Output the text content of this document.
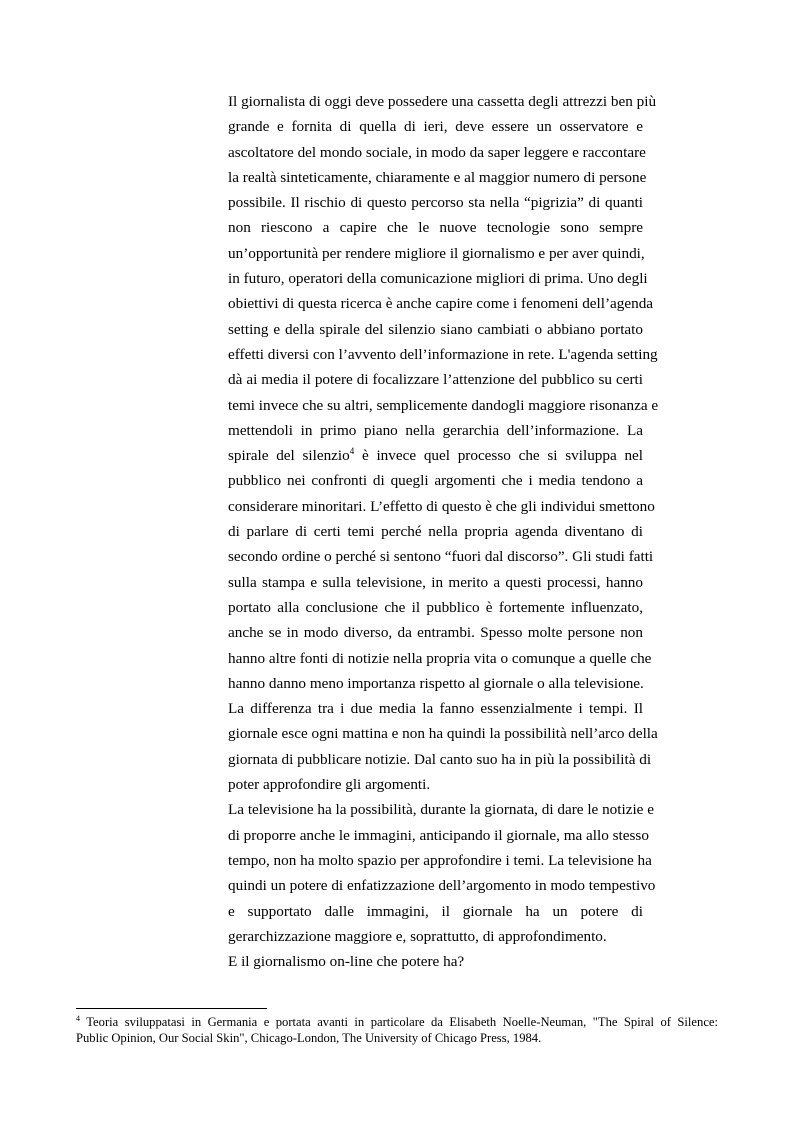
Il giornalista di oggi deve possedere una cassetta degli attrezzi ben più
grande e fornita di quella di ieri, deve essere un osservatore e
ascoltatore del mondo sociale, in modo da saper leggere e raccontare
la realtà sinteticamente, chiaramente e al maggior numero di persone
possibile. Il rischio di questo percorso sta nella “pigrizia” di quanti
non riescono a capire che le nuove tecnologie sono sempre
un’opportunità per rendere migliore il giornalismo e per aver quindi,
in futuro, operatori della comunicazione migliori di prima. Uno degli
obiettivi di questa ricerca è anche capire come i fenomeni dell’agenda
setting e della spirale del silenzio siano cambiati o abbiano portato
effetti diversi con l’avvento dell’informazione in rete. L'agenda setting
dà ai media il potere di focalizzare l’attenzione del pubblico su certi
temi invece che su altri, semplicemente dandogli maggiore risonanza e
mettendoli in primo piano nella gerarchia dell’informazione. La
spirale del silenzio$^4$ è invece quel processo che si sviluppa nel
pubblico nei confronti di quegli argomenti che i media tendono a
considerare minoritari. L’effetto di questo è che gli individui smettono
di parlare di certi temi perché nella propria agenda diventano di
secondo ordine o perché si sentono “fuori dal discorso”. Gli studi fatti
sulla stampa e sulla televisione, in merito a questi processi, hanno
portato alla conclusione che il pubblico è fortemente influenzato,
anche se in modo diverso, da entrambi. Spesso molte persone non
hanno altre fonti di notizie nella propria vita o comunque a quelle che
hanno danno meno importanza rispetto al giornale o alla televisione.
La differenza tra i due media la fanno essenzialmente i tempi. Il
giornale esce ogni mattina e non ha quindi la possibilità nell’arco della
giornata di pubblicare notizie. Dal canto suo ha in più la possibilità di
poter approfondire gli argomenti.
La televisione ha la possibilità, durante la giornata, di dare le notizie e
di proporre anche le immagini, anticipando il giornale, ma allo stesso
tempo, non ha molto spazio per approfondire i temi. La televisione ha
quindi un potere di enfatizzazione dell’argomento in modo tempestivo
e supportato dalle immagini, il giornale ha un potere di
gerarchizzazione maggiore e, soprattutto, di approfondimento.
E il giornalismo on-line che potere ha?
$^4$ Teoria sviluppatasi in Germania e portata avanti in particolare da Elisabeth Noelle-Neuman, "The Spiral of Silence:
Public Opinion, Our Social Skin", Chicago-London, The University of Chicago Press, 1984.
